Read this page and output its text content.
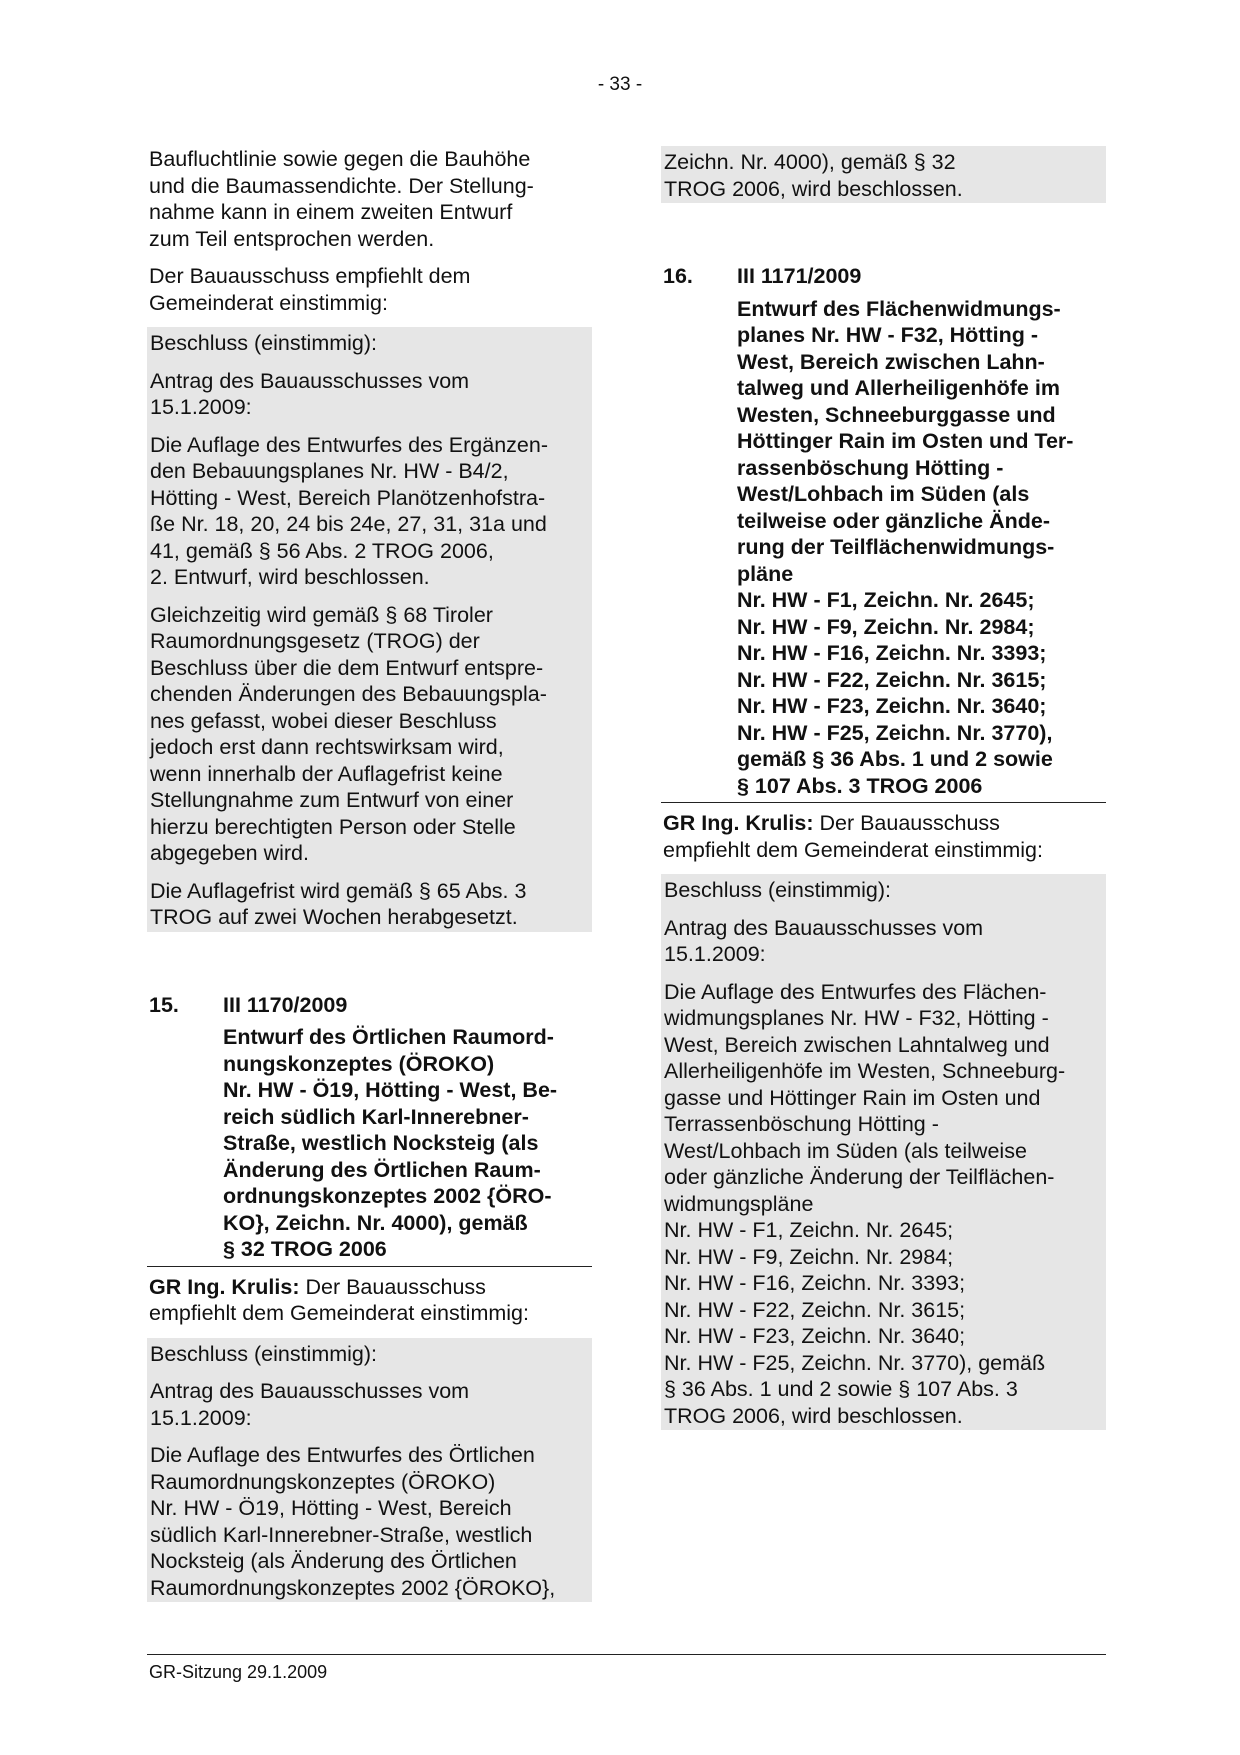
- 33 -

Baufluchtlinie sowie gegen die Bauhöhe
und die Baumassendichte. Der Stellung-
nahme kann in einem zweiten Entwurf
zum Teil entsprochen werden.

Der Bauausschuss empfiehlt dem
Gemeinderat einstimmig:

Beschluss (einstimmig):

Antrag des Bauausschusses vom
15.1.2009:

Die Auflage des Entwurfes des Ergänzen-
den Bebauungsplanes Nr. HW - B4/2,
Hötting - West, Bereich Planötzenhofstra-
ße Nr. 18, 20, 24 bis 24e, 27, 31, 31a und
41, gemäß § 56 Abs. 2 TROG 2006,
2. Entwurf, wird beschlossen.

Gleichzeitig wird gemäß § 68 Tiroler
Raumordnungsgesetz (TROG) der
Beschluss über die dem Entwurf entspre-
chenden Änderungen des Bebauungspla-
nes gefasst, wobei dieser Beschluss
jedoch erst dann rechtswirksam wird,
wenn innerhalb der Auflagefrist keine
Stellungnahme zum Entwurf von einer
hierzu berechtigten Person oder Stelle
abgegeben wird.

Die Auflagefrist wird gemäß § 65 Abs. 3
TROG auf zwei Wochen herabgesetzt.

15.	III 1170/2009

Entwurf des Örtlichen Raumord-
nungskonzeptes (ÖROKO)
Nr. HW - Ö19, Hötting - West, Be-
reich südlich Karl-Innerebner-
Straße, westlich Nocksteig (als
Änderung des Örtlichen Raum-
ordnungskonzeptes 2002 {ÖRO-
KO}, Zeichn. Nr. 4000), gemäß
§ 32 TROG 2006

GR Ing. Krulis: Der Bauausschuss
empfiehlt dem Gemeinderat einstimmig:

Beschluss (einstimmig):

Antrag des Bauausschusses vom
15.1.2009:

Die Auflage des Entwurfes des Örtlichen
Raumordnungskonzeptes (ÖROKO)
Nr. HW - Ö19, Hötting - West, Bereich
südlich Karl-Innerebner-Straße, westlich
Nocksteig (als Änderung des Örtlichen
Raumordnungskonzeptes 2002 {ÖROKO},

Zeichn. Nr. 4000), gemäß § 32
TROG 2006, wird beschlossen.

16.	III 1171/2009

Entwurf des Flächenwidmungs-
planes Nr. HW - F32, Hötting -
West, Bereich zwischen Lahn-
talweg und Allerheiligenhöfe im
Westen, Schneeburggasse und
Höttinger Rain im Osten und Ter-
rassenböschung Hötting -
West/Lohbach im Süden (als
teilweise oder gänzliche Ände-
rung der Teilflächenwidmungs-
pläne
Nr. HW - F1, Zeichn. Nr. 2645;
Nr. HW - F9, Zeichn. Nr. 2984;
Nr. HW - F16, Zeichn. Nr. 3393;
Nr. HW - F22, Zeichn. Nr. 3615;
Nr. HW - F23, Zeichn. Nr. 3640;
Nr. HW - F25, Zeichn. Nr. 3770),
gemäß § 36 Abs. 1 und 2 sowie
§ 107 Abs. 3 TROG 2006

GR Ing. Krulis: Der Bauausschuss
empfiehlt dem Gemeinderat einstimmig:

Beschluss (einstimmig):

Antrag des Bauausschusses vom
15.1.2009:

Die Auflage des Entwurfes des Flächen-
widmungsplanes Nr. HW - F32, Hötting -
West, Bereich zwischen Lahntalweg und
Allerheiligenhöfe im Westen, Schneeburg-
gasse und Höttinger Rain im Osten und
Terrassenböschung Hötting -
West/Lohbach im Süden (als teilweise
oder gänzliche Änderung der Teilflächen-
widmungspläne
Nr. HW - F1, Zeichn. Nr. 2645;
Nr. HW - F9, Zeichn. Nr. 2984;
Nr. HW - F16, Zeichn. Nr. 3393;
Nr. HW - F22, Zeichn. Nr. 3615;
Nr. HW - F23, Zeichn. Nr. 3640;
Nr. HW - F25, Zeichn. Nr. 3770), gemäß
§ 36 Abs. 1 und 2 sowie § 107 Abs. 3
TROG 2006, wird beschlossen.

GR-Sitzung 29.1.2009
